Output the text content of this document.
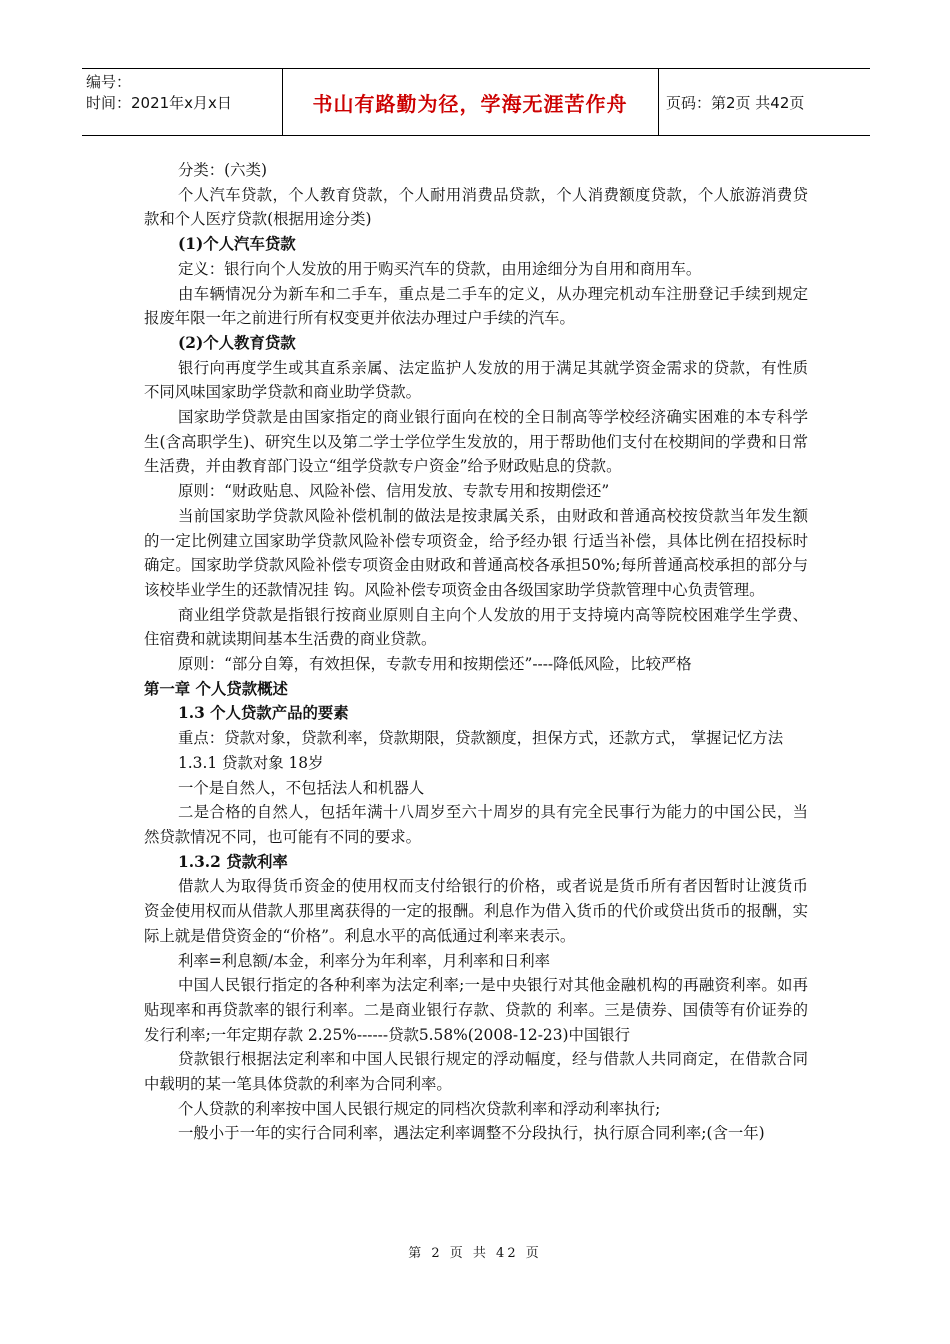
编号：
时间：2021年x月x日	书山有路勤为径，学海无涯苦作舟	页码：第2页 共42页

分类：(六类)

个人汽车贷款，个人教育贷款，个人耐用消费品贷款，个人消费额度贷款，个人旅游消费贷款和个人医疗贷款(根据用途分类)

(1)个人汽车贷款

定义：银行向个人发放的用于购买汽车的贷款，由用途细分为自用和商用车。

由车辆情况分为新车和二手车，重点是二手车的定义，从办理完机动车注册登记手续到规定报废年限一年之前进行所有权变更并依法办理过户手续的汽车。

(2)个人教育贷款

银行向再度学生或其直系亲属、法定监护人发放的用于满足其就学资金需求的贷款，有性质不同风味国家助学贷款和商业助学贷款。

国家助学贷款是由国家指定的商业银行面向在校的全日制高等学校经济确实困难的本专科学生(含高职学生)、研究生以及第二学士学位学生发放的，用于帮助他们支付在校期间的学费和日常生活费，并由教育部门设立“组学贷款专户资金”给予财政贴息的贷款。

原则：“财政贴息、风险补偿、信用发放、专款专用和按期偿还”

当前国家助学贷款风险补偿机制的做法是按隶属关系，由财政和普通高校按贷款当年发生额的一定比例建立国家助学贷款风险补偿专项资金，给予经办银 行适当补偿，具体比例在招投标时确定。国家助学贷款风险补偿专项资金由财政和普通高校各承担50%;每所普通高校承担的部分与该校毕业学生的还款情况挂 钩。风险补偿专项资金由各级国家助学贷款管理中心负责管理。

商业组学贷款是指银行按商业原则自主向个人发放的用于支持境内高等院校困难学生学费、住宿费和就读期间基本生活费的商业贷款。

原则：“部分自筹，有效担保，专款专用和按期偿还”----降低风险，比较严格

第一章 个人贷款概述

1.3 个人贷款产品的要素

重点：贷款对象，贷款利率，贷款期限，贷款额度，担保方式，还款方式， 掌握记忆方法

1.3.1 贷款对象 18岁

一个是自然人，不包括法人和机器人

二是合格的自然人，包括年满十八周岁至六十周岁的具有完全民事行为能力的中国公民，当然贷款情况不同，也可能有不同的要求。

1.3.2 贷款利率

借款人为取得货币资金的使用权而支付给银行的价格，或者说是货币所有者因暂时让渡货币资金使用权而从借款人那里离获得的一定的报酬。利息作为借入货币的代价或贷出货币的报酬，实际上就是借贷资金的“价格”。利息水平的高低通过利率来表示。

利率=利息额/本金，利率分为年利率，月利率和日利率

中国人民银行指定的各种利率为法定利率;一是中央银行对其他金融机构的再融资利率。如再贴现率和再贷款率的银行利率。二是商业银行存款、贷款的 利率。三是债券、国债等有价证券的发行利率;一年定期存款 2.25%------贷款5.58%(2008-12-23)中国银行

贷款银行根据法定利率和中国人民银行规定的浮动幅度，经与借款人共同商定，在借款合同中载明的某一笔具体贷款的利率为合同利率。

个人贷款的利率按中国人民银行规定的同档次贷款利率和浮动利率执行;

一般小于一年的实行合同利率，遇法定利率调整不分段执行，执行原合同利率;(含一年)

第 2 页 共 42 页
